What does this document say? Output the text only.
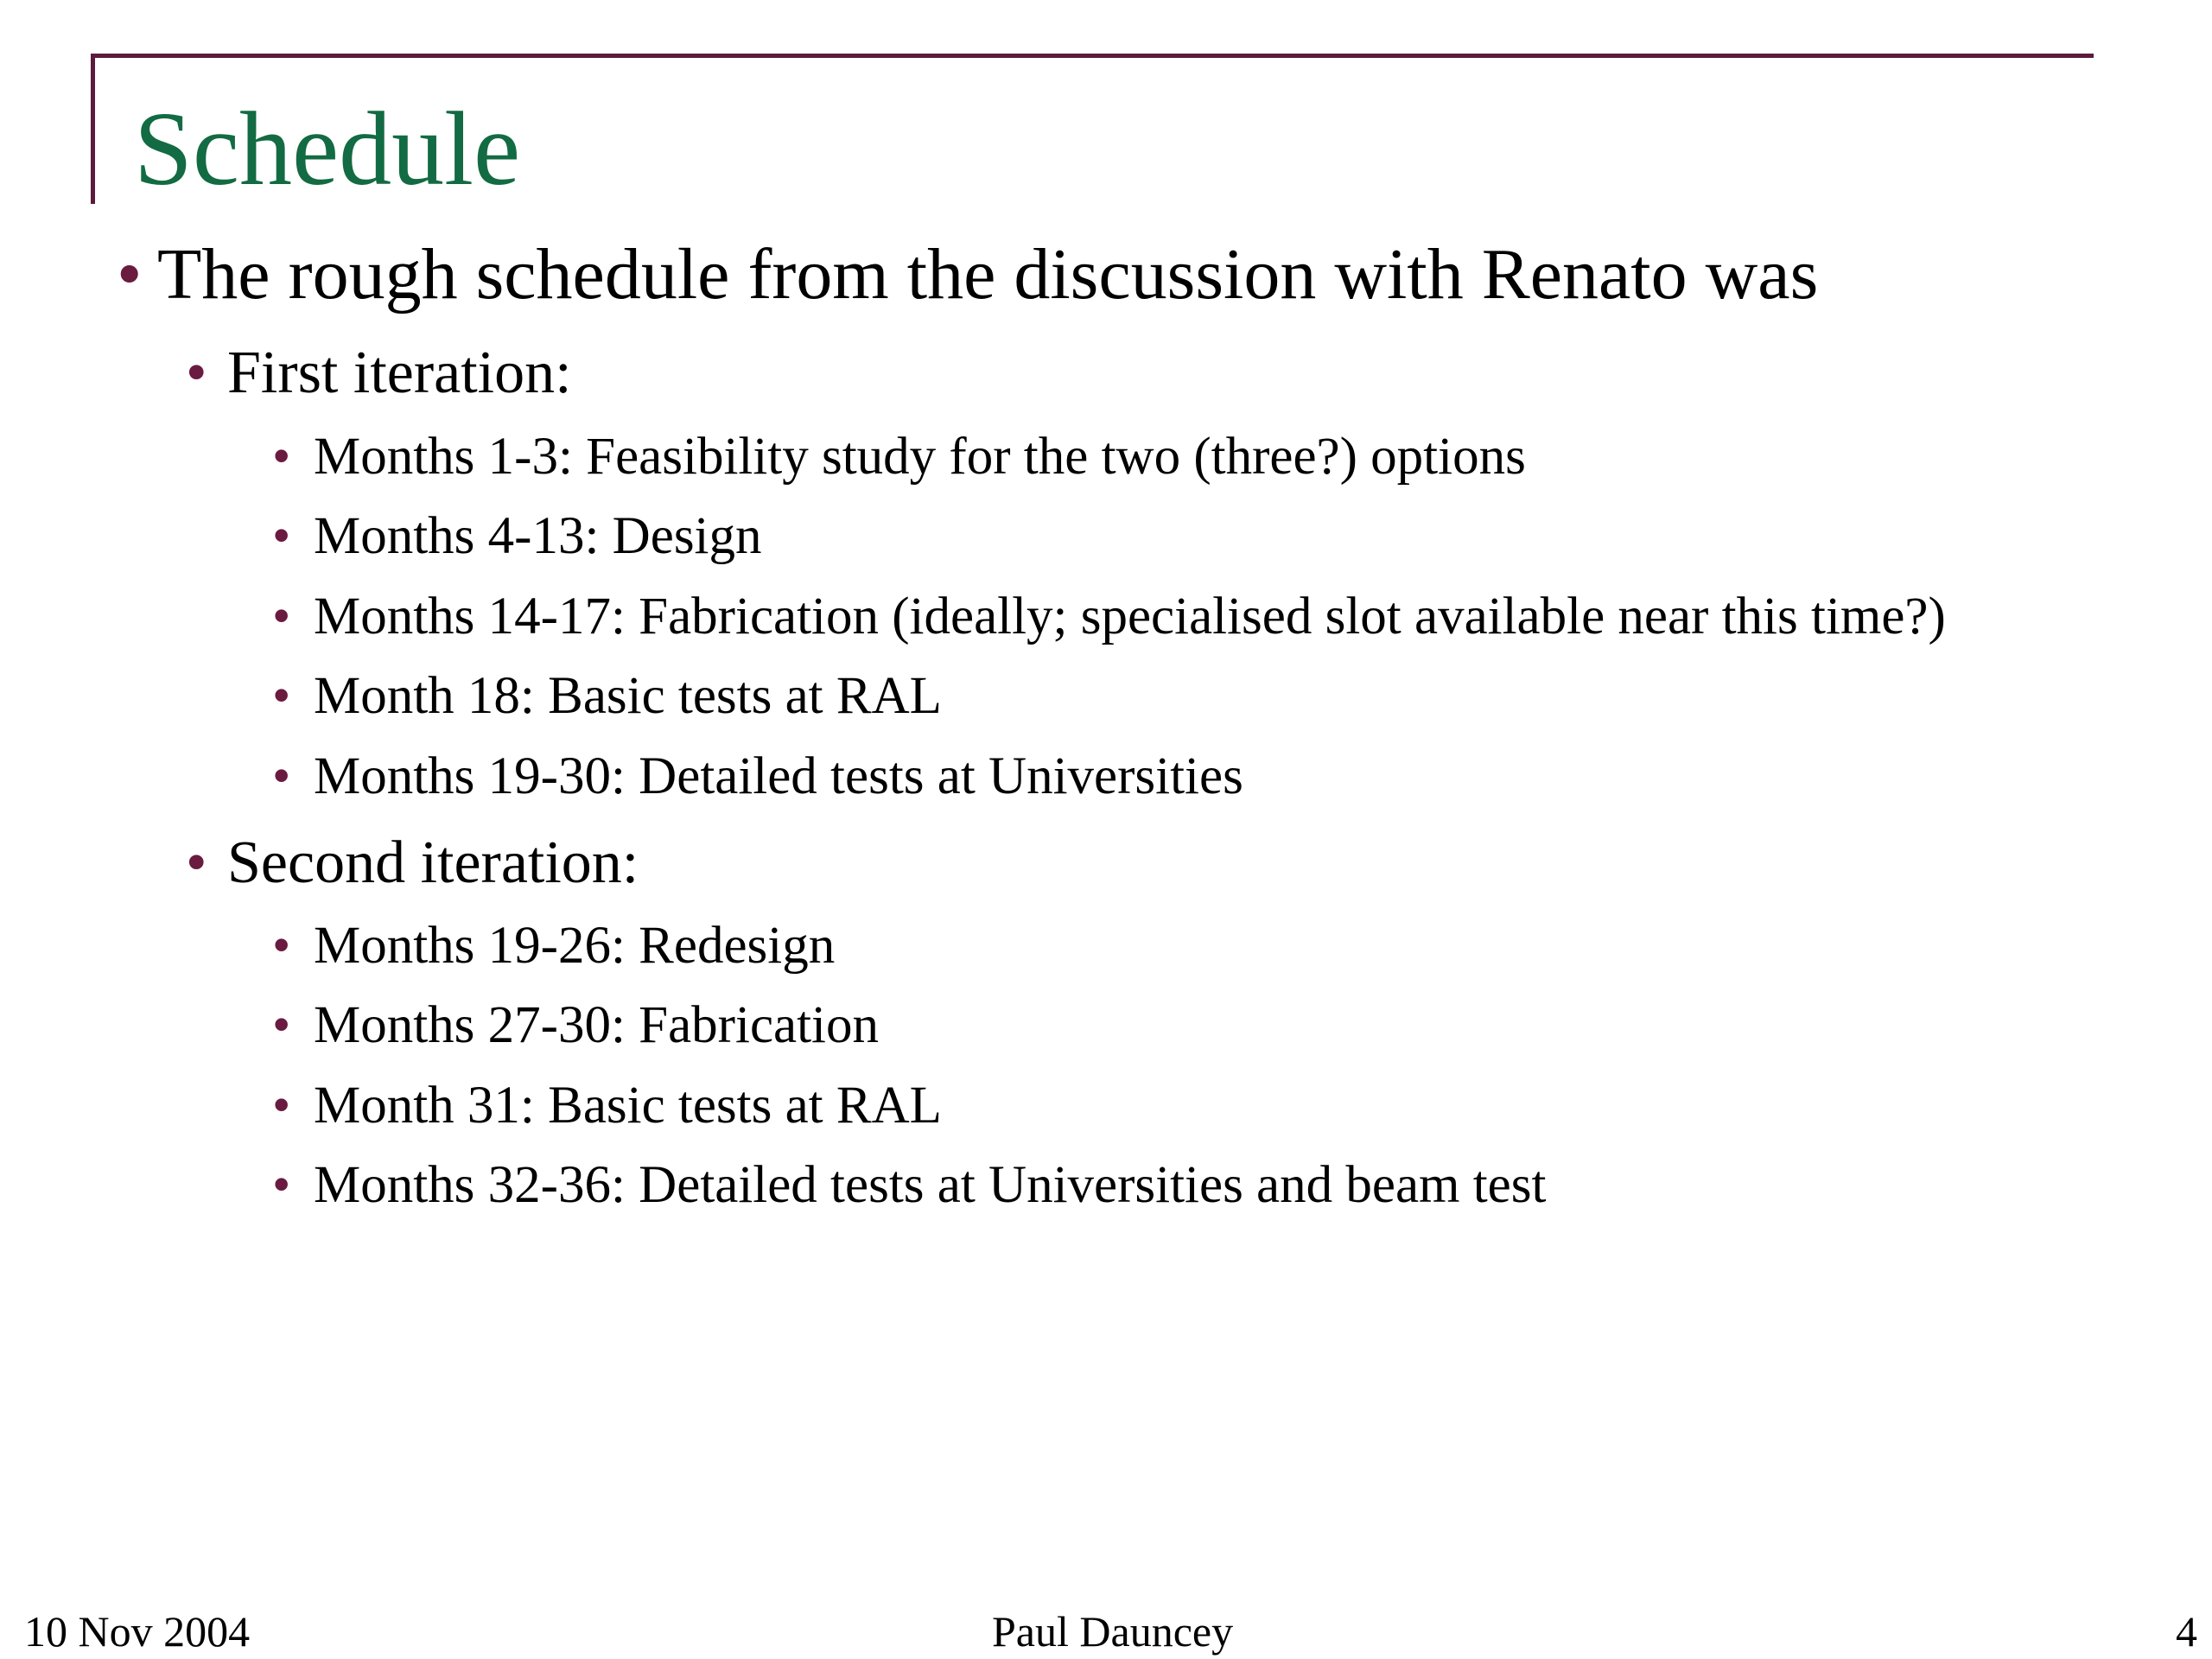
Schedule
• The rough schedule from the discussion with Renato was
• First iteration:
• Months 1-3: Feasibility study for the two (three?) options
• Months 4-13: Design
• Months 14-17: Fabrication (ideally; specialised slot available near this time?)
• Month 18: Basic tests at RAL
• Months 19-30: Detailed tests at Universities
• Second iteration:
• Months 19-26: Redesign
• Months 27-30: Fabrication
• Month 31: Basic tests at RAL
• Months 32-36: Detailed tests at Universities and beam test
10 Nov 2004	Paul Dauncey	4
